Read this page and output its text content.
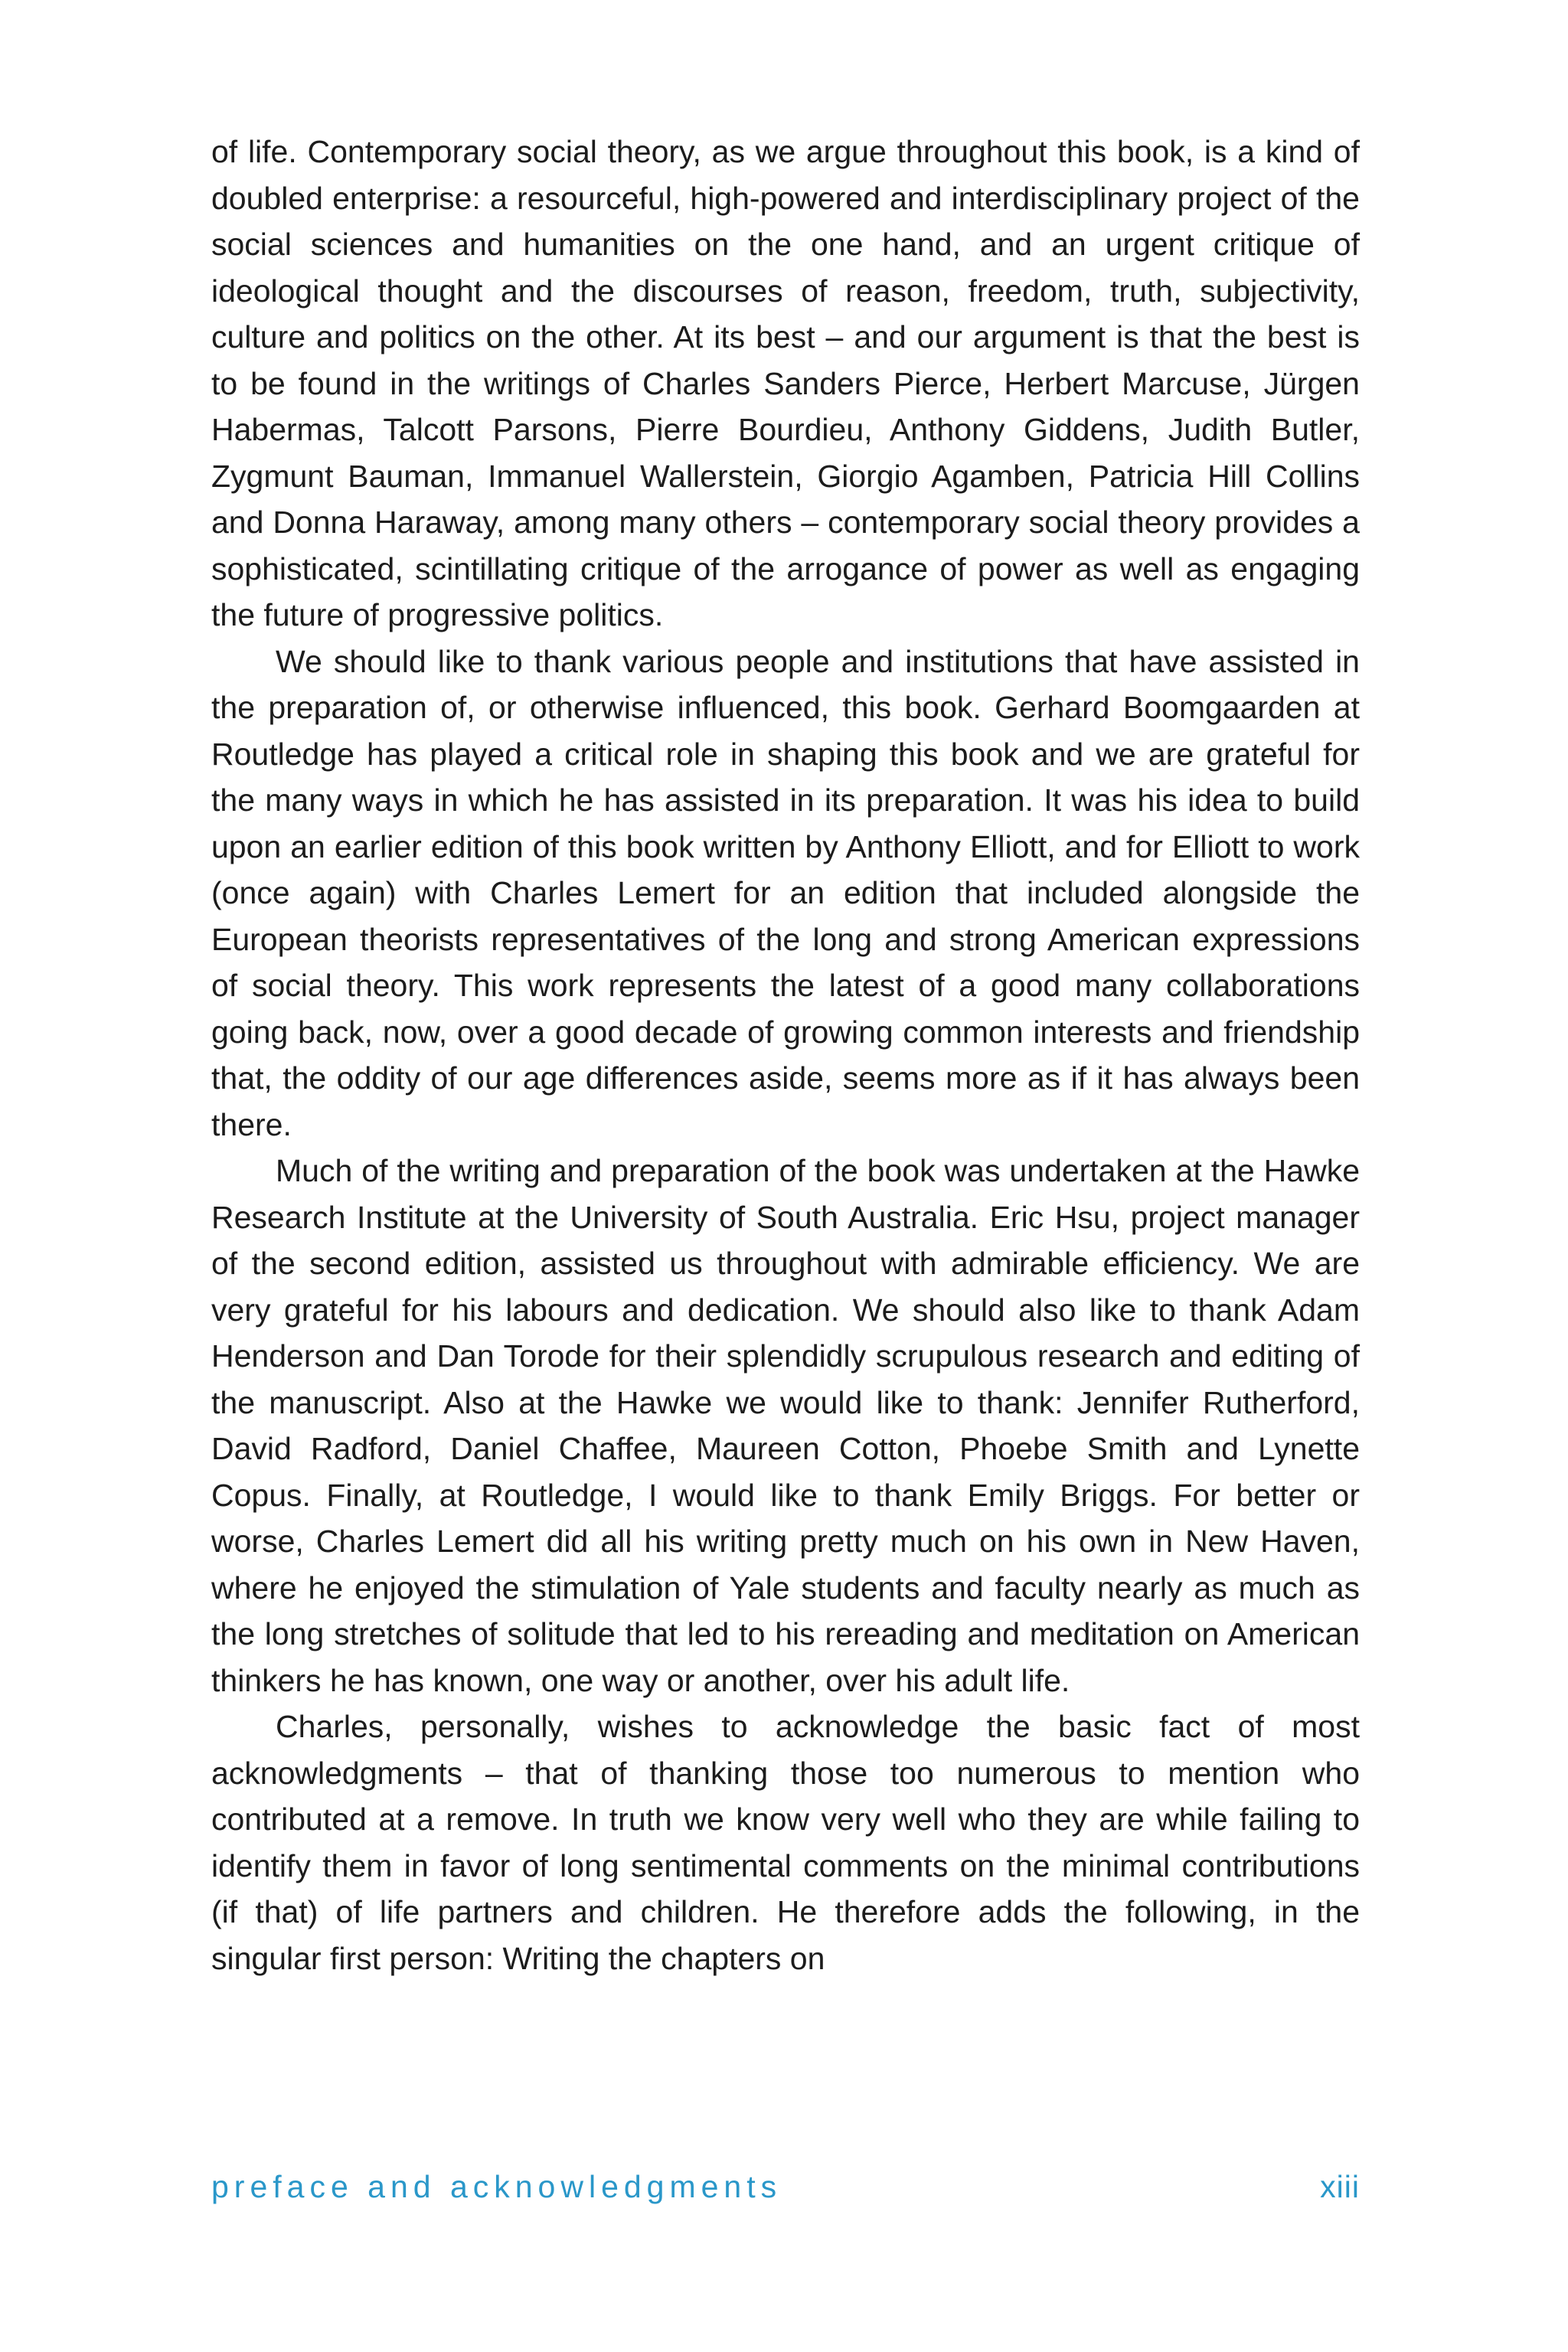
of life. Contemporary social theory, as we argue throughout this book, is a kind of doubled enterprise: a resourceful, high-powered and interdisciplinary project of the social sciences and humanities on the one hand, and an urgent critique of ideological thought and the discourses of reason, freedom, truth, subjectivity, culture and politics on the other. At its best – and our argument is that the best is to be found in the writings of Charles Sanders Pierce, Herbert Marcuse, Jürgen Habermas, Talcott Parsons, Pierre Bourdieu, Anthony Giddens, Judith Butler, Zygmunt Bauman, Immanuel Wallerstein, Giorgio Agamben, Patricia Hill Collins and Donna Haraway, among many others – contemporary social theory provides a sophisticated, scintillating critique of the arrogance of power as well as engaging the future of progressive politics.

We should like to thank various people and institutions that have assisted in the preparation of, or otherwise influenced, this book. Gerhard Boomgaarden at Routledge has played a critical role in shaping this book and we are grateful for the many ways in which he has assisted in its preparation. It was his idea to build upon an earlier edition of this book written by Anthony Elliott, and for Elliott to work (once again) with Charles Lemert for an edition that included alongside the European theorists representatives of the long and strong American expressions of social theory. This work represents the latest of a good many collaborations going back, now, over a good decade of growing common interests and friendship that, the oddity of our age differences aside, seems more as if it has always been there.

Much of the writing and preparation of the book was undertaken at the Hawke Research Institute at the University of South Australia. Eric Hsu, project manager of the second edition, assisted us throughout with admirable efficiency. We are very grateful for his labours and dedication. We should also like to thank Adam Henderson and Dan Torode for their splendidly scrupulous research and editing of the manuscript. Also at the Hawke we would like to thank: Jennifer Rutherford, David Radford, Daniel Chaffee, Maureen Cotton, Phoebe Smith and Lynette Copus. Finally, at Routledge, I would like to thank Emily Briggs. For better or worse, Charles Lemert did all his writing pretty much on his own in New Haven, where he enjoyed the stimulation of Yale students and faculty nearly as much as the long stretches of solitude that led to his rereading and meditation on American thinkers he has known, one way or another, over his adult life.

Charles, personally, wishes to acknowledge the basic fact of most acknowledgments – that of thanking those too numerous to mention who contributed at a remove. In truth we know very well who they are while failing to identify them in favor of long sentimental comments on the minimal contributions (if that) of life partners and children. He therefore adds the following, in the singular first person: Writing the chapters on

preface and acknowledgments	xiii
